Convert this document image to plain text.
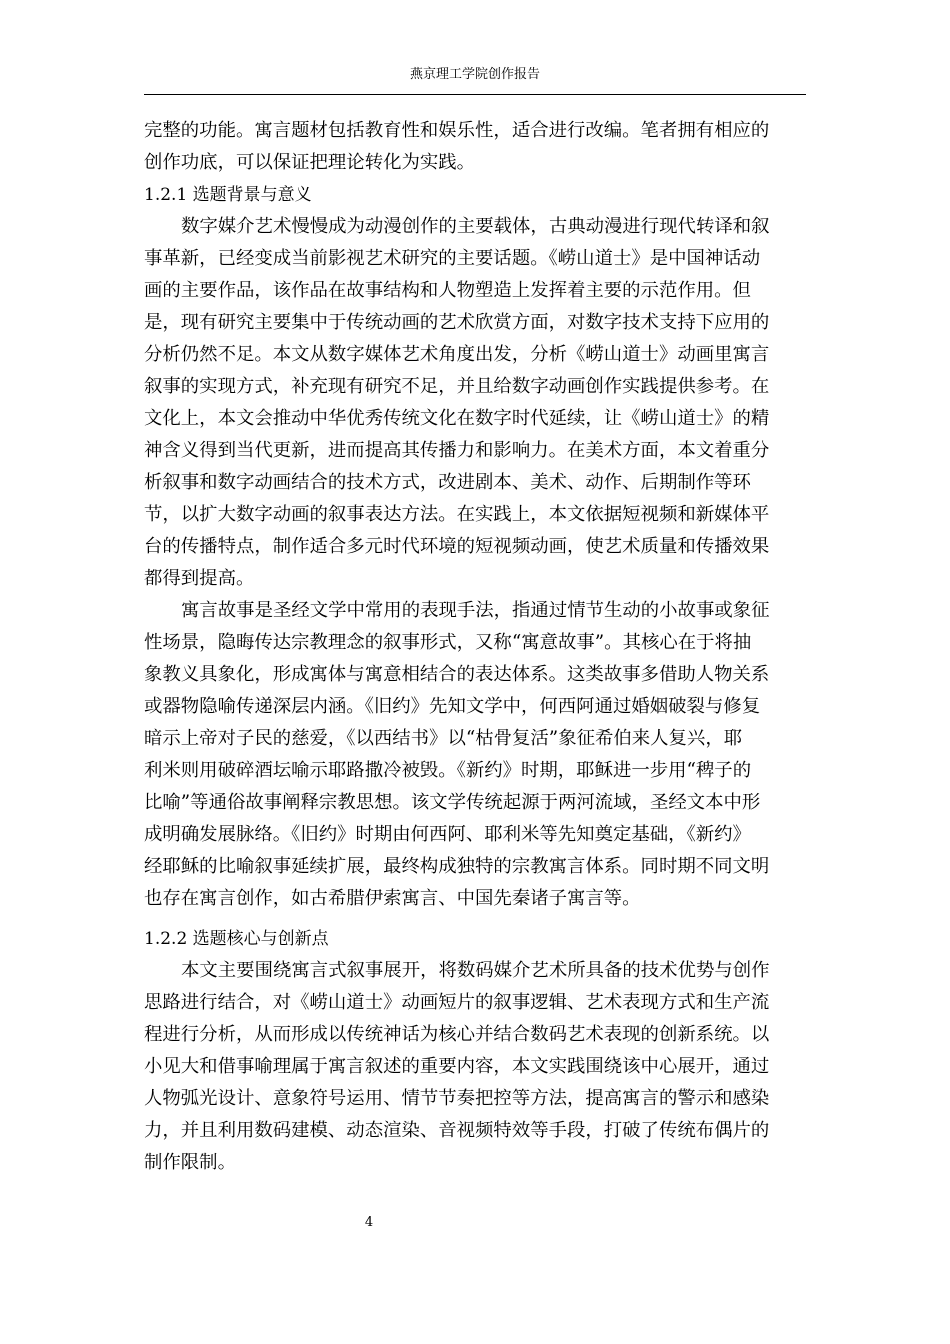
燕京理工学院创作报告
完整的功能。寓言题材包括教育性和娱乐性，适合进行改编。笔者拥有相应的
创作功底，可以保证把理论转化为实践。
1.2.1 选题背景与意义
数字媒介艺术慢慢成为动漫创作的主要载体，古典动漫进行现代转译和叙
事革新，已经变成当前影视艺术研究的主要话题。《崂山道士》是中国神话动
画的主要作品，该作品在故事结构和人物塑造上发挥着主要的示范作用。但
是，现有研究主要集中于传统动画的艺术欣赏方面，对数字技术支持下应用的
分析仍然不足。本文从数字媒体艺术角度出发，分析《崂山道士》动画里寓言
叙事的实现方式，补充现有研究不足，并且给数字动画创作实践提供参考。在
文化上，本文会推动中华优秀传统文化在数字时代延续，让《崂山道士》的精
神含义得到当代更新，进而提高其传播力和影响力。在美术方面，本文着重分
析叙事和数字动画结合的技术方式，改进剧本、美术、动作、后期制作等环
节，以扩大数字动画的叙事表达方法。在实践上，本文依据短视频和新媒体平
台的传播特点，制作适合多元时代环境的短视频动画，使艺术质量和传播效果
都得到提高。
寓言故事是圣经文学中常用的表现手法，指通过情节生动的小故事或象征
性场景，隐晦传达宗教理念的叙事形式，又称“寓意故事”。其核心在于将抽
象教义具象化，形成寓体与寓意相结合的表达体系。这类故事多借助人物关系
或器物隐喻传递深层内涵。《旧约》先知文学中，何西阿通过婚姻破裂与修复
暗示上帝对子民的慈爱，《以西结书》以“枯骨复活”象征希伯来人复兴，耶
利米则用破碎酒坛喻示耶路撒冷被毁。《新约》时期，耶稣进一步用“稗子的
比喻”等通俗故事阐释宗教思想。该文学传统起源于两河流域，圣经文本中形
成明确发展脉络。《旧约》时期由何西阿、耶利米等先知奠定基础，《新约》
经耶稣的比喻叙事延续扩展，最终构成独特的宗教寓言体系。同时期不同文明
也存在寓言创作，如古希腊伊索寓言、中国先秦诸子寓言等。
1.2.2 选题核心与创新点
本文主要围绕寓言式叙事展开，将数码媒介艺术所具备的技术优势与创作
思路进行结合，对《崂山道士》动画短片的叙事逻辑、艺术表现方式和生产流
程进行分析，从而形成以传统神话为核心并结合数码艺术表现的创新系统。以
小见大和借事喻理属于寓言叙述的重要内容，本文实践围绕该中心展开，通过
人物弧光设计、意象符号运用、情节节奏把控等方法，提高寓言的警示和感染
力，并且利用数码建模、动态渲染、音视频特效等手段，打破了传统布偶片的
制作限制。
4
